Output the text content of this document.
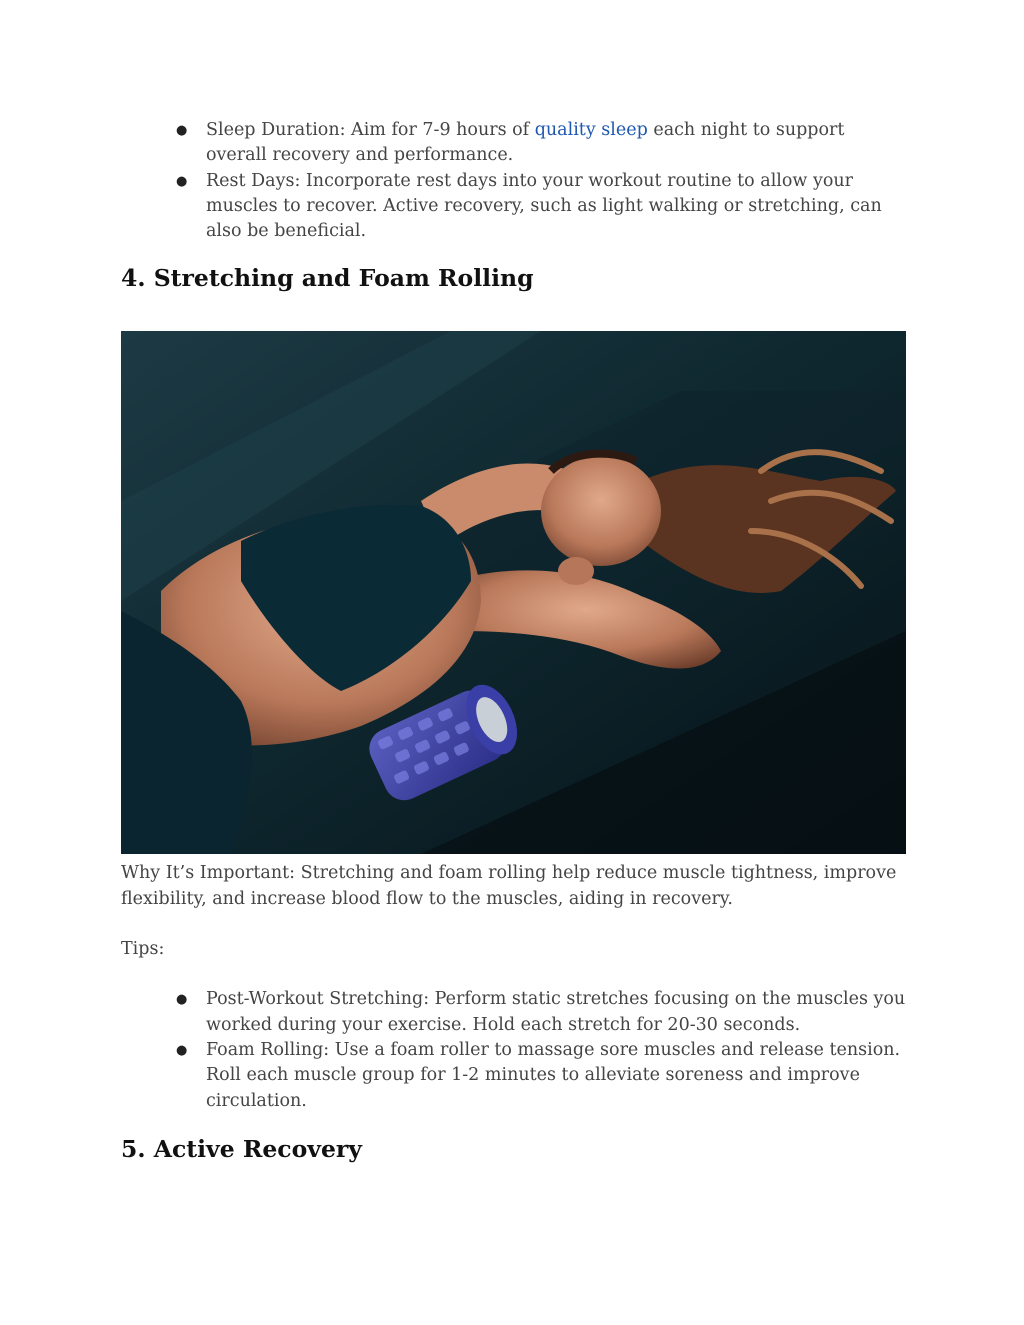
● Sleep Duration: Aim for 7-9 hours of quality sleep each night to support overall recovery and performance.
● Rest Days: Incorporate rest days into your workout routine to allow your muscles to recover. Active recovery, such as light walking or stretching, can also be beneficial.
4. Stretching and Foam Rolling

Why It’s Important: Stretching and foam rolling help reduce muscle tightness, improve flexibility, and increase blood flow to the muscles, aiding in recovery.

Tips:

● Post-Workout Stretching: Perform static stretches focusing on the muscles you worked during your exercise. Hold each stretch for 20-30 seconds.
● Foam Rolling: Use a foam roller to massage sore muscles and release tension. Roll each muscle group for 1-2 minutes to alleviate soreness and improve circulation.
5. Active Recovery
